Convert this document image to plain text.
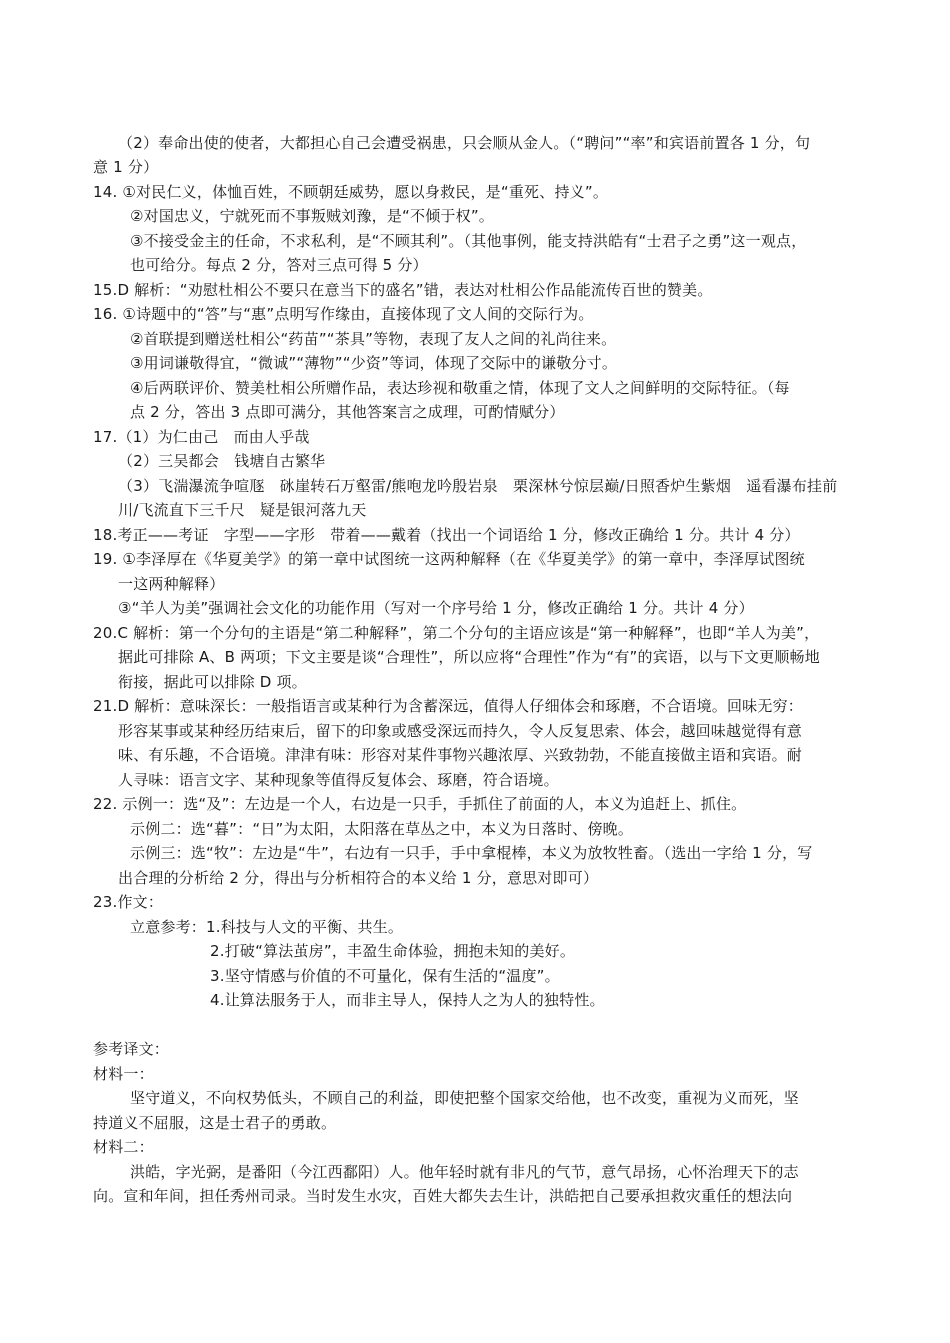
（2）奉命出使的使者，大都担心自己会遭受祸患，只会顺从金人。（“聘问”“率”和宾语前置各 1 分，句
意 1 分）
14. ①对民仁义，体恤百姓，不顾朝廷威势，愿以身救民，是“重死、持义”。
②对国忠义，宁就死而不事叛贼刘豫，是“不倾于权”。
③不接受金主的任命，不求私利，是“不顾其利”。（其他事例，能支持洪皓有“士君子之勇”这一观点，
也可给分。每点 2 分，答对三点可得 5 分）
15.D 解析：“劝慰杜相公不要只在意当下的盛名”错，表达对杜相公作品能流传百世的赞美。
16. ①诗题中的“答”与“惠”点明写作缘由，直接体现了文人间的交际行为。
②首联提到赠送杜相公“药苗”“茶具”等物，表现了友人之间的礼尚往来。
③用词谦敬得宜，“微诚”“薄物”“少资”等词，体现了交际中的谦敬分寸。
④后两联评价、赞美杜相公所赠作品，表达珍视和敬重之情，体现了文人之间鲜明的交际特征。（每
点 2 分，答出 3 点即可满分，其他答案言之成理，可酌情赋分）
17.（1）为仁由己　而由人乎哉
（2）三吴都会　钱塘自古繁华
（3）飞湍瀑流争喧豗　砯崖转石万壑雷/熊咆龙吟殷岩泉　栗深林兮惊层巅/日照香炉生紫烟　遥看瀑布挂前
川/飞流直下三千尺　疑是银河落九天
18.考正——考证　字型——字形　带着——戴着（找出一个词语给 1 分，修改正确给 1 分。共计 4 分）
19. ①李泽厚在《华夏美学》的第一章中试图统一这两种解释（在《华夏美学》的第一章中，李泽厚试图统
一这两种解释）
③“羊人为美”强调社会文化的功能作用（写对一个序号给 1 分，修改正确给 1 分。共计 4 分）
20.C 解析：第一个分句的主语是“第二种解释”，第二个分句的主语应该是“第一种解释”，也即“羊人为美”，
据此可排除 A、B 两项；下文主要是谈“合理性”，所以应将“合理性”作为“有”的宾语，以与下文更顺畅地
衔接，据此可以排除 D 项。
21.D 解析：意味深长：一般指语言或某种行为含蓄深远，值得人仔细体会和琢磨，不合语境。回味无穷：
形容某事或某种经历结束后，留下的印象或感受深远而持久，令人反复思索、体会，越回味越觉得有意
味、有乐趣，不合语境。津津有味：形容对某件事物兴趣浓厚、兴致勃勃，不能直接做主语和宾语。耐
人寻味：语言文字、某种现象等值得反复体会、琢磨，符合语境。
22. 示例一：选“及”：左边是一个人，右边是一只手，手抓住了前面的人，本义为追赶上、抓住。
示例二：选“暮”：“日”为太阳，太阳落在草丛之中，本义为日落时、傍晚。
示例三：选“牧”：左边是“牛”，右边有一只手，手中拿棍棒，本义为放牧牲畜。（选出一字给 1 分，写
出合理的分析给 2 分，得出与分析相符合的本义给 1 分，意思对即可）
23.作文：
立意参考：1.科技与人文的平衡、共生。
2.打破“算法茧房”，丰盈生命体验，拥抱未知的美好。
3.坚守情感与价值的不可量化，保有生活的“温度”。
4.让算法服务于人，而非主导人，保持人之为人的独特性。
参考译文：
材料一：
坚守道义，不向权势低头，不顾自己的利益，即使把整个国家交给他，也不改变，重视为义而死，坚
持道义不屈服，这是士君子的勇敢。
材料二：
洪皓，字光弼，是番阳（今江西鄱阳）人。他年轻时就有非凡的气节，意气昂扬，心怀治理天下的志
向。宣和年间，担任秀州司录。当时发生水灾，百姓大都失去生计，洪皓把自己要承担救灾重任的想法向
